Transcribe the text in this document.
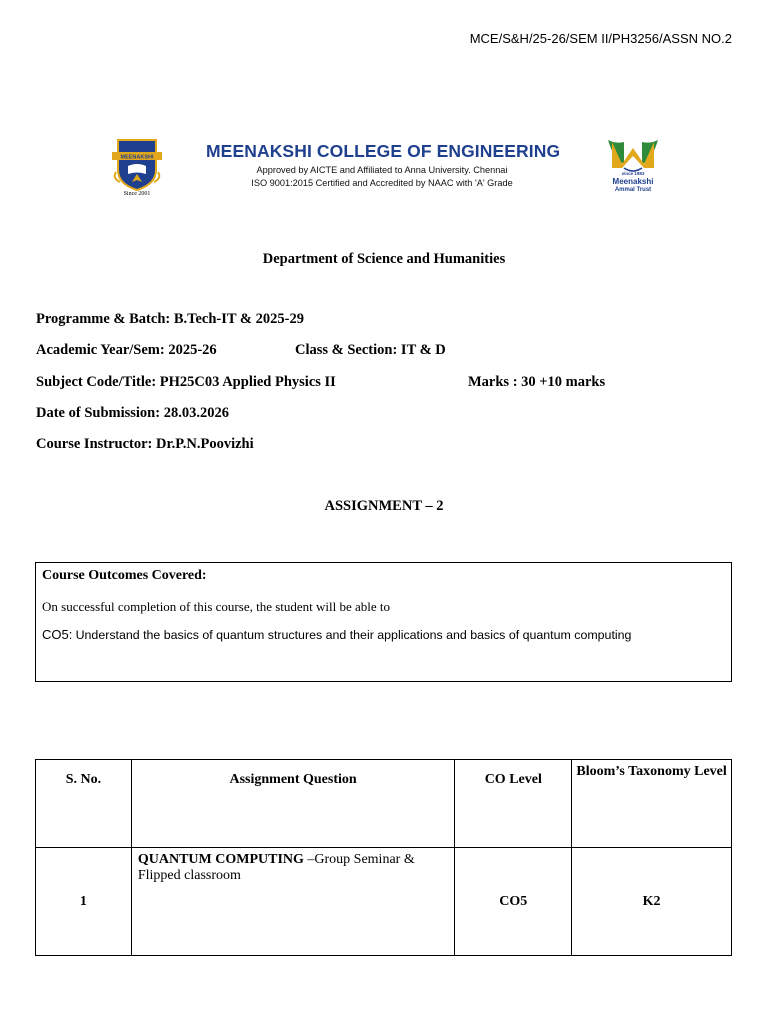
MCE/S&H/25-26/SEM II/PH3256/ASSN NO.2
MEENAKSHI
Since 2001
MEENAKSHI COLLEGE OF ENGINEERING
Approved by AICTE and Affiliated to Anna University. Chennai
ISO 9001:2015 Certified and Accredited by NAAC with 'A' Grade
since 1983
Meenakshi
Ammal Trust
Department of Science and Humanities
Programme & Batch: B.Tech-IT & 2025-29
Academic Year/Sem: 2025-26	Class & Section: IT & D
Subject Code/Title: PH25C03 Applied Physics II	Marks : 30 +10 marks
Date of Submission: 28.03.2026
Course Instructor: Dr.P.N.Poovizhi
ASSIGNMENT – 2
Course Outcomes Covered:
On successful completion of this course, the student will be able to
CO5: Understand the basics of quantum structures and their applications and basics of quantum computing
S. No.	Assignment Question	CO Level	Bloom’s Taxonomy Level
1	QUANTUM COMPUTING –Group Seminar & Flipped classroom	CO5	K2
